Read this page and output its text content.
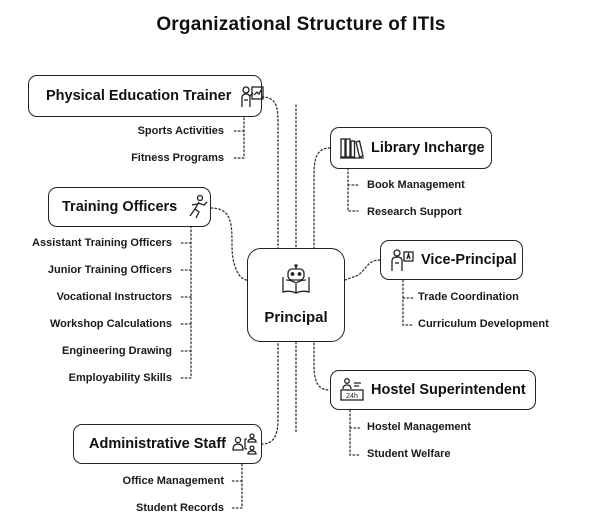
Organizational Structure of ITIs
Physical Education Trainer
Sports Activities
Fitness Programs
Training Officers
Assistant Training Officers
Junior Training Officers
Vocational Instructors
Workshop Calculations
Engineering Drawing
Employability Skills
Administrative Staff
Office Management
Student Records
Library Incharge
Book Management
Research Support
Vice-Principal
Trade Coordination
Curriculum Development
24h Hostel Superintendent
Hostel Management
Student Welfare
Principal
